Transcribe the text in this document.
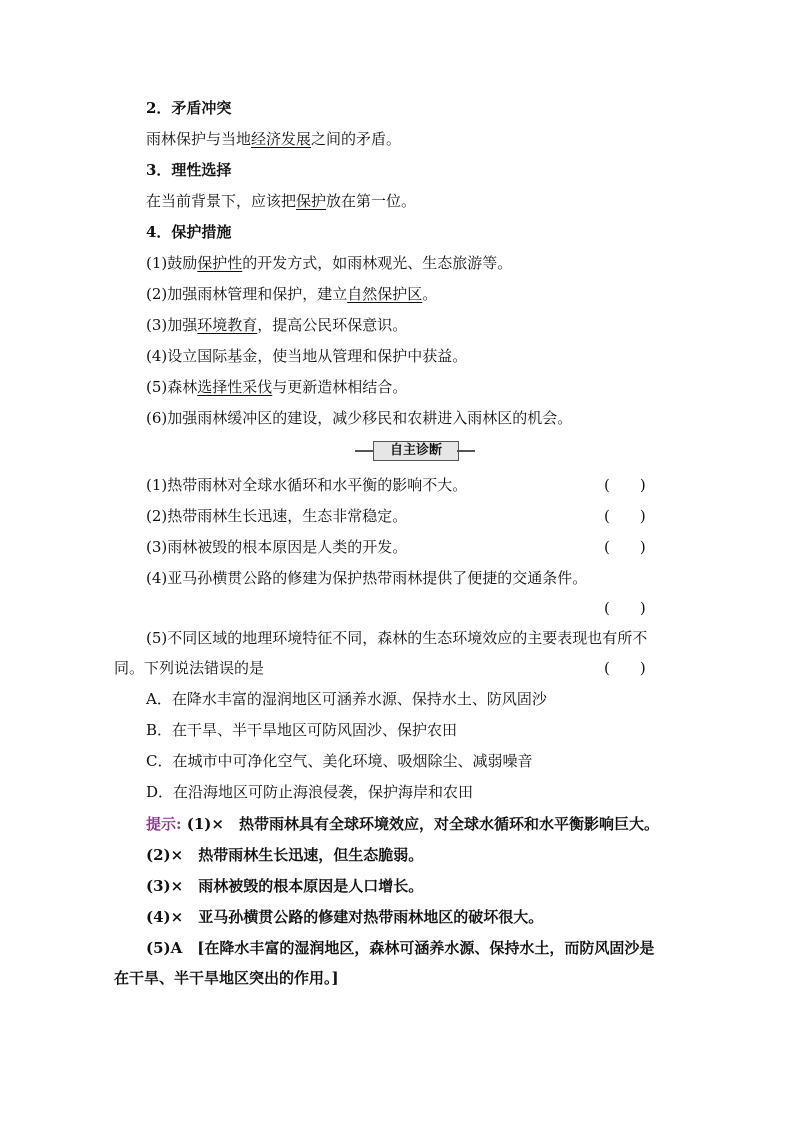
2．矛盾冲突
雨林保护与当地经济发展之间的矛盾。
3．理性选择
在当前背景下，应该把保护放在第一位。
4．保护措施
(1)鼓励保护性的开发方式，如雨林观光、生态旅游等。
(2)加强雨林管理和保护，建立自然保护区。
(3)加强环境教育，提高公民环保意识。
(4)设立国际基金，使当地从管理和保护中获益。
(5)森林选择性采伐与更新造林相结合。
(6)加强雨林缓冲区的建设，减少移民和农耕进入雨林区的机会。
自主诊断
(1)热带雨林对全球水循环和水平衡的影响不大。	(　　)
(2)热带雨林生长迅速，生态非常稳定。	(　　)
(3)雨林被毁的根本原因是人类的开发。	(　　)
(4)亚马孙横贯公路的修建为保护热带雨林提供了便捷的交通条件。
(　　)
(5)不同区域的地理环境特征不同，森林的生态环境效应的主要表现也有所不
同。下列说法错误的是	(　　)
A．在降水丰富的湿润地区可涵养水源、保持水土、防风固沙
B．在干旱、半干旱地区可防风固沙、保护农田
C．在城市中可净化空气、美化环境、吸烟除尘、减弱噪音
D．在沿海地区可防止海浪侵袭，保护海岸和农田
提示: (1)×　热带雨林具有全球环境效应，对全球水循环和水平衡影响巨大。
(2)×　热带雨林生长迅速，但生态脆弱。
(3)×　雨林被毁的根本原因是人口增长。
(4)×　亚马孙横贯公路的修建对热带雨林地区的破坏很大。
(5)A　[在降水丰富的湿润地区，森林可涵养水源、保持水土，而防风固沙是
在干旱、半干旱地区突出的作用。]
